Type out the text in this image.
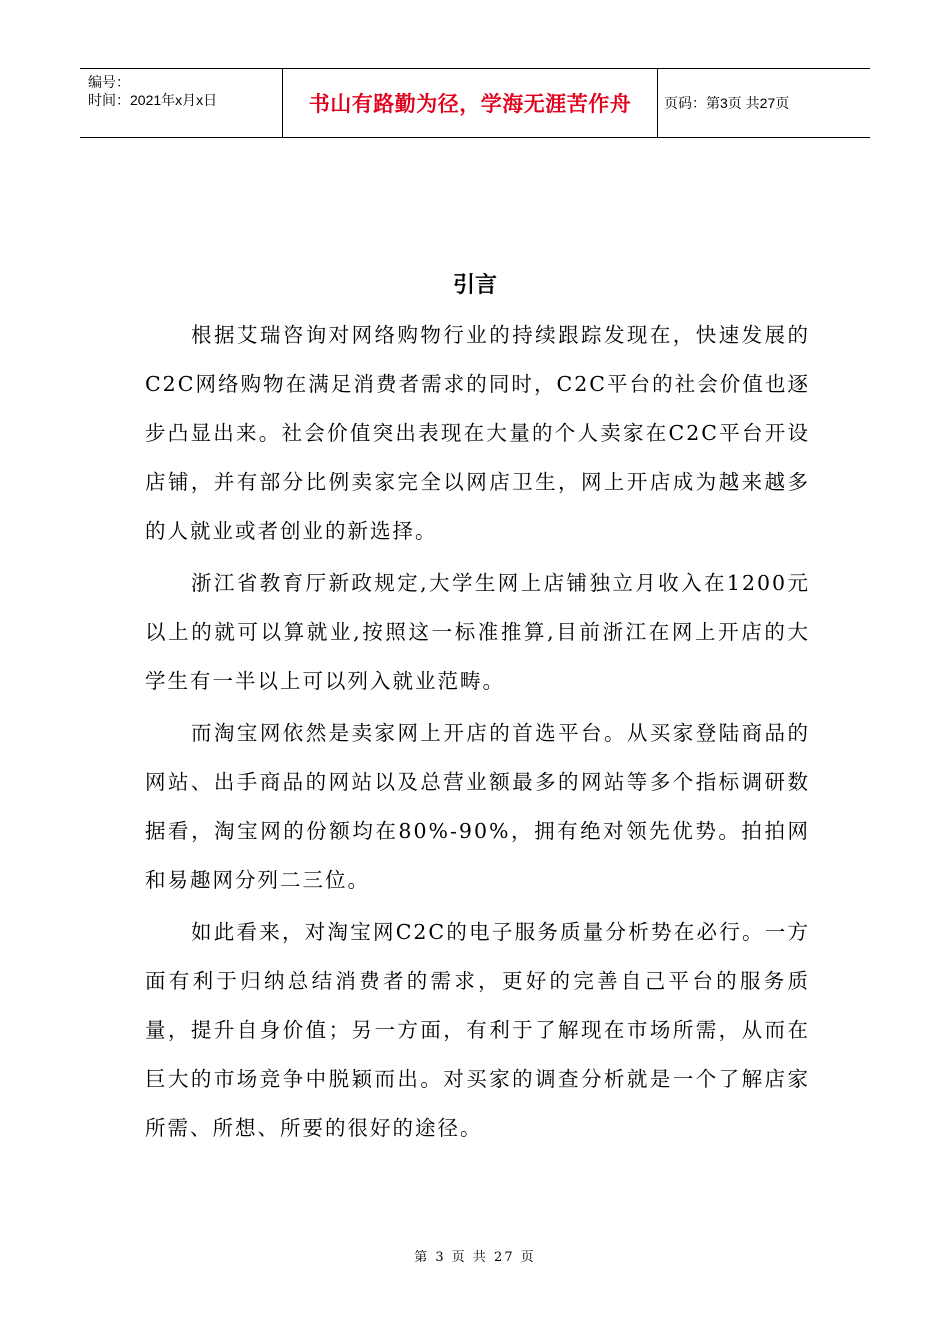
编号：
时间：2021年x月x日	书山有路勤为径，学海无涯苦作舟	页码：第3页 共27页
引言

根据艾瑞咨询对网络购物行业的持续跟踪发现在，快速发展的C2C网络购物在满足消费者需求的同时，C2C平台的社会价值也逐步凸显出来。社会价值突出表现在大量的个人卖家在C2C平台开设店铺，并有部分比例卖家完全以网店卫生，网上开店成为越来越多的人就业或者创业的新选择。

浙江省教育厅新政规定,大学生网上店铺独立月收入在1200元以上的就可以算就业,按照这一标准推算,目前浙江在网上开店的大学生有一半以上可以列入就业范畴。

而淘宝网依然是卖家网上开店的首选平台。从买家登陆商品的网站、出手商品的网站以及总营业额最多的网站等多个指标调研数据看，淘宝网的份额均在80%-90%，拥有绝对领先优势。拍拍网和易趣网分列二三位。

如此看来，对淘宝网C2C的电子服务质量分析势在必行。一方面有利于归纳总结消费者的需求，更好的完善自己平台的服务质量，提升自身价值；另一方面，有利于了解现在市场所需，从而在巨大的市场竞争中脱颖而出。对买家的调查分析就是一个了解店家所需、所想、所要的很好的途径。

第 3 页 共 27 页
